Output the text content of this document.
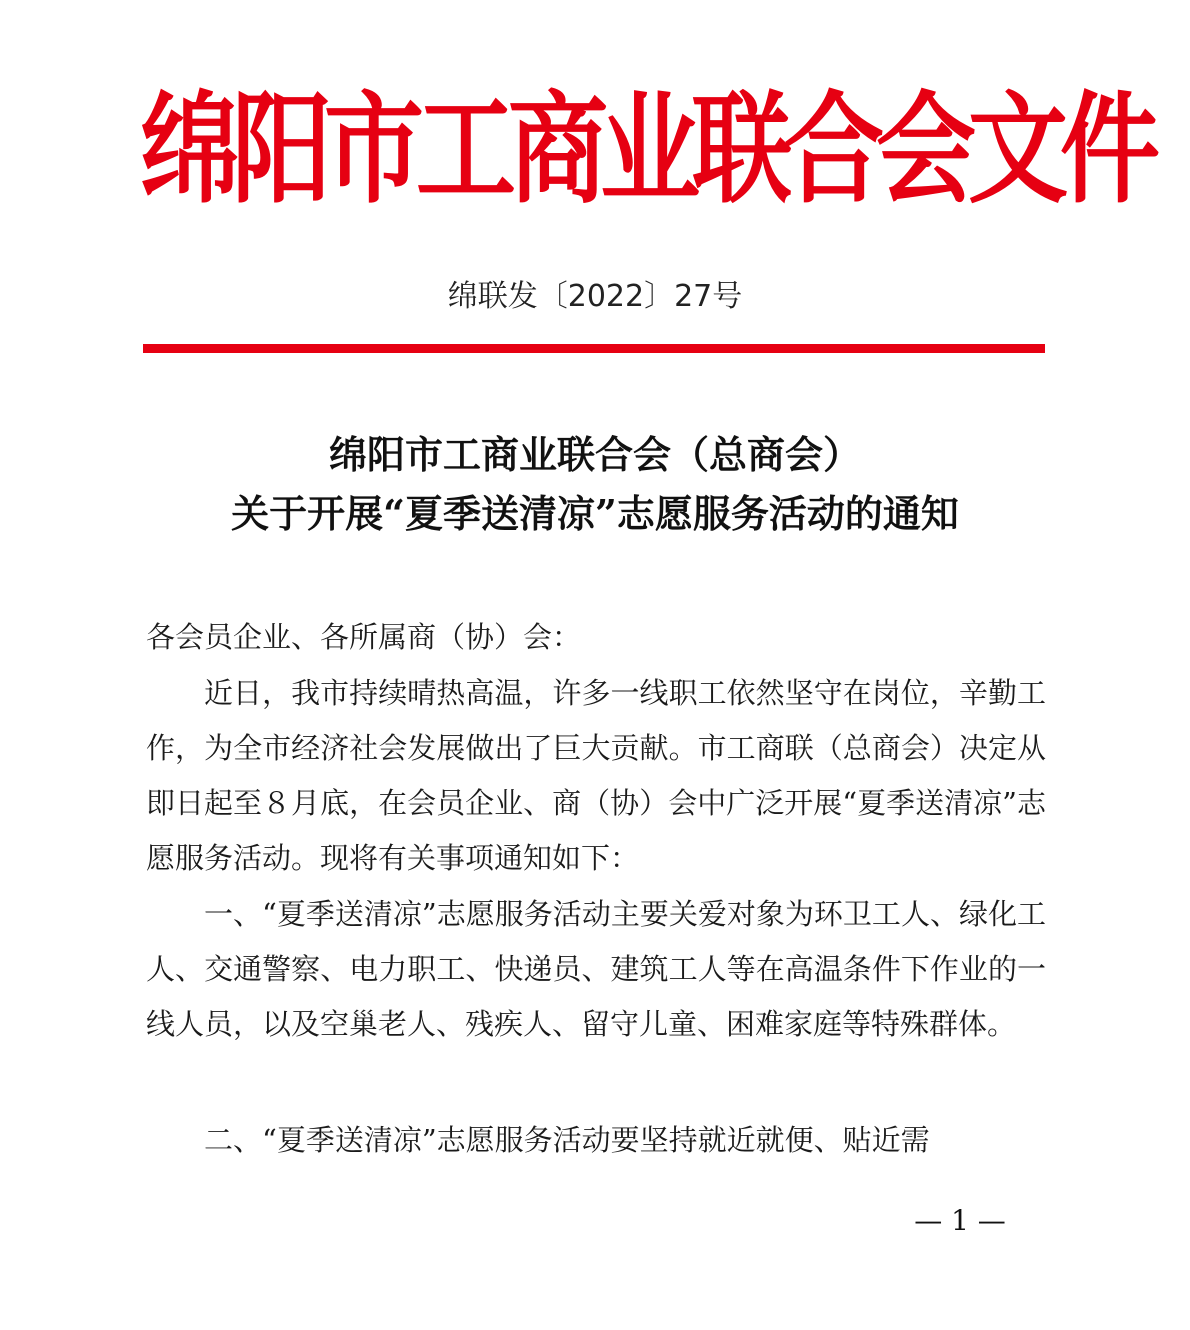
绵阳市工商业联合会文件
绵联发〔2022〕27号
绵阳市工商业联合会（总商会）
关于开展“夏季送清凉”志愿服务活动的通知
各会员企业、各所属商（协）会：

近日，我市持续晴热高温，许多一线职工依然坚守在岗位，辛勤工作，为全市经济社会发展做出了巨大贡献。市工商联（总商会）决定从即日起至８月底，在会员企业、商（协）会中广泛开展“夏季送清凉”志愿服务活动。现将有关事项通知如下：

一、“夏季送清凉”志愿服务活动主要关爱对象为环卫工人、绿化工人、交通警察、电力职工、快递员、建筑工人等在高温条件下作业的一线人员，以及空巢老人、残疾人、留守儿童、困难家庭等特殊群体。

二、“夏季送清凉”志愿服务活动要坚持就近就便、贴近需

— 1 —
